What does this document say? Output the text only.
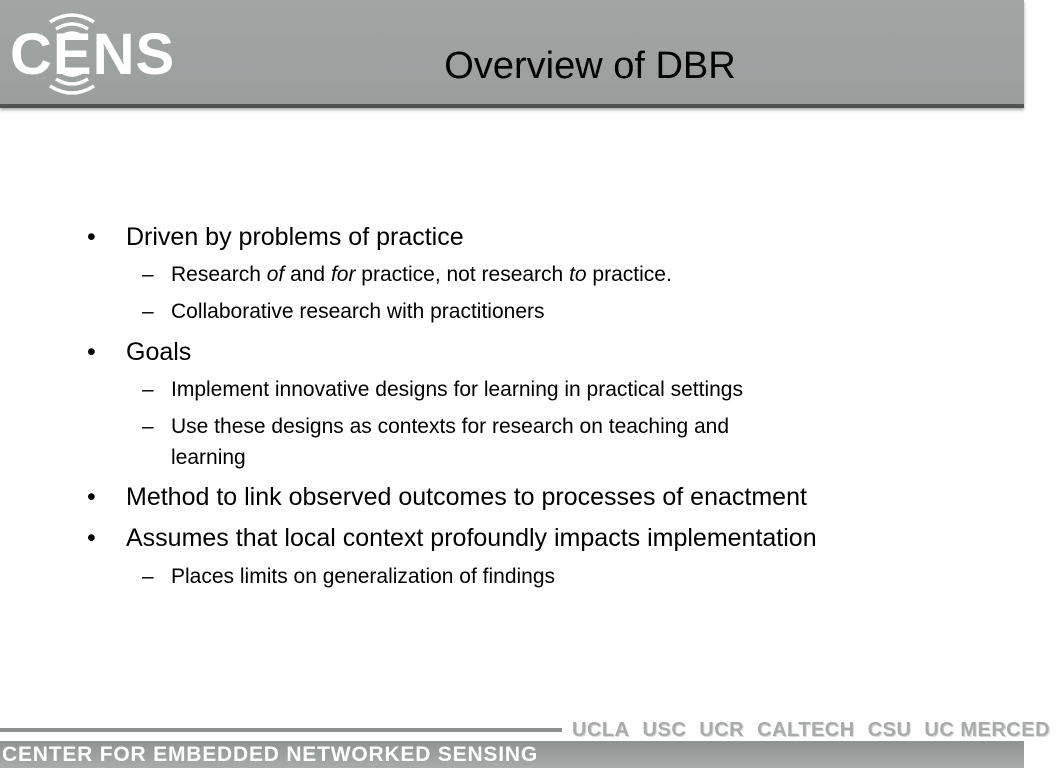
CENS	Overview of DBR
• Driven by problems of practice
– Research of and for practice, not research to practice.
– Collaborative research with practitioners
• Goals
– Implement innovative designs for learning in practical settings
– Use these designs as contexts for research on teaching and
learning
• Method to link observed outcomes to processes of enactment
• Assumes that local context profoundly impacts implementation
– Places limits on generalization of findings
UCLA USC UCR CALTECH CSU UC MERCED
CENTER FOR EMBEDDED NETWORKED SENSING
